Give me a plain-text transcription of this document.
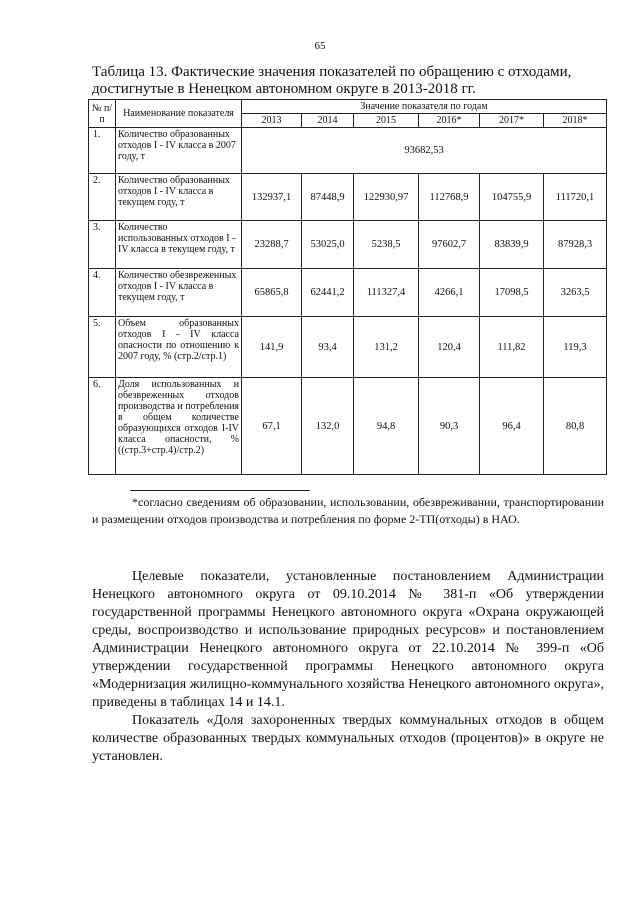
65
Таблица 13. Фактические значения показателей по обращению с отходами,
достигнутые в Ненецком автономном округе в 2013-2018 гг.
№ п/п	Наименование показателя	Значение показателя по годам					
		2013	2014	2015	2016*	2017*	2018*
1.	Количество образованных отходов I - IV класса в 2007 году, т	93682,53					
2.	Количество образованных отходов I - IV класса в текущем году, т	132937,1	87448,9	122930,97	112768,9	104755,9	111720,1
3.	Количество использованных отходов I - IV класса в текущем году, т	23288,7	53025,0	5238,5	97602,7	83839,9	87928,3
4.	Количество обезвреженных отходов I - IV класса в текущем году, т	65865,8	62441,2	111327,4	4266,1	17098,5	3263,5
5.	Объем образованных отходов I - IV класса опасности по отношению к 2007 году, % (стр.2/стр.1)	141,9	93,4	131,2	120,4	111,82	119,3
6.	Доля использованных и обезвреженных отходов производства и потребления в общем количестве образующихся отходов I-IV класса опасности, % ((стр.3+стр.4)/стр.2)	67,1	132,0	94,8	90,3	96,4	80,8
*согласно сведениям об образовании, использовании, обезвреживании, транспортировании и размещении отходов производства и потребления по форме 2-ТП(отходы) в НАО.
Целевые показатели, установленные постановлением Администрации Ненецкого автономного округа от 09.10.2014 № 381-п «Об утверждении государственной программы Ненецкого автономного округа «Охрана окружающей среды, воспроизводство и использование природных ресурсов» и постановлением Администрации Ненецкого автономного округа от 22.10.2014 № 399-п «Об утверждении государственной программы Ненецкого автономного округа «Модернизация жилищно-коммунального хозяйства Ненецкого автономного округа», приведены в таблицах 14 и 14.1.
Показатель «Доля захороненных твердых коммунальных отходов в общем количестве образованных твердых коммунальных отходов (процентов)» в округе не установлен.
